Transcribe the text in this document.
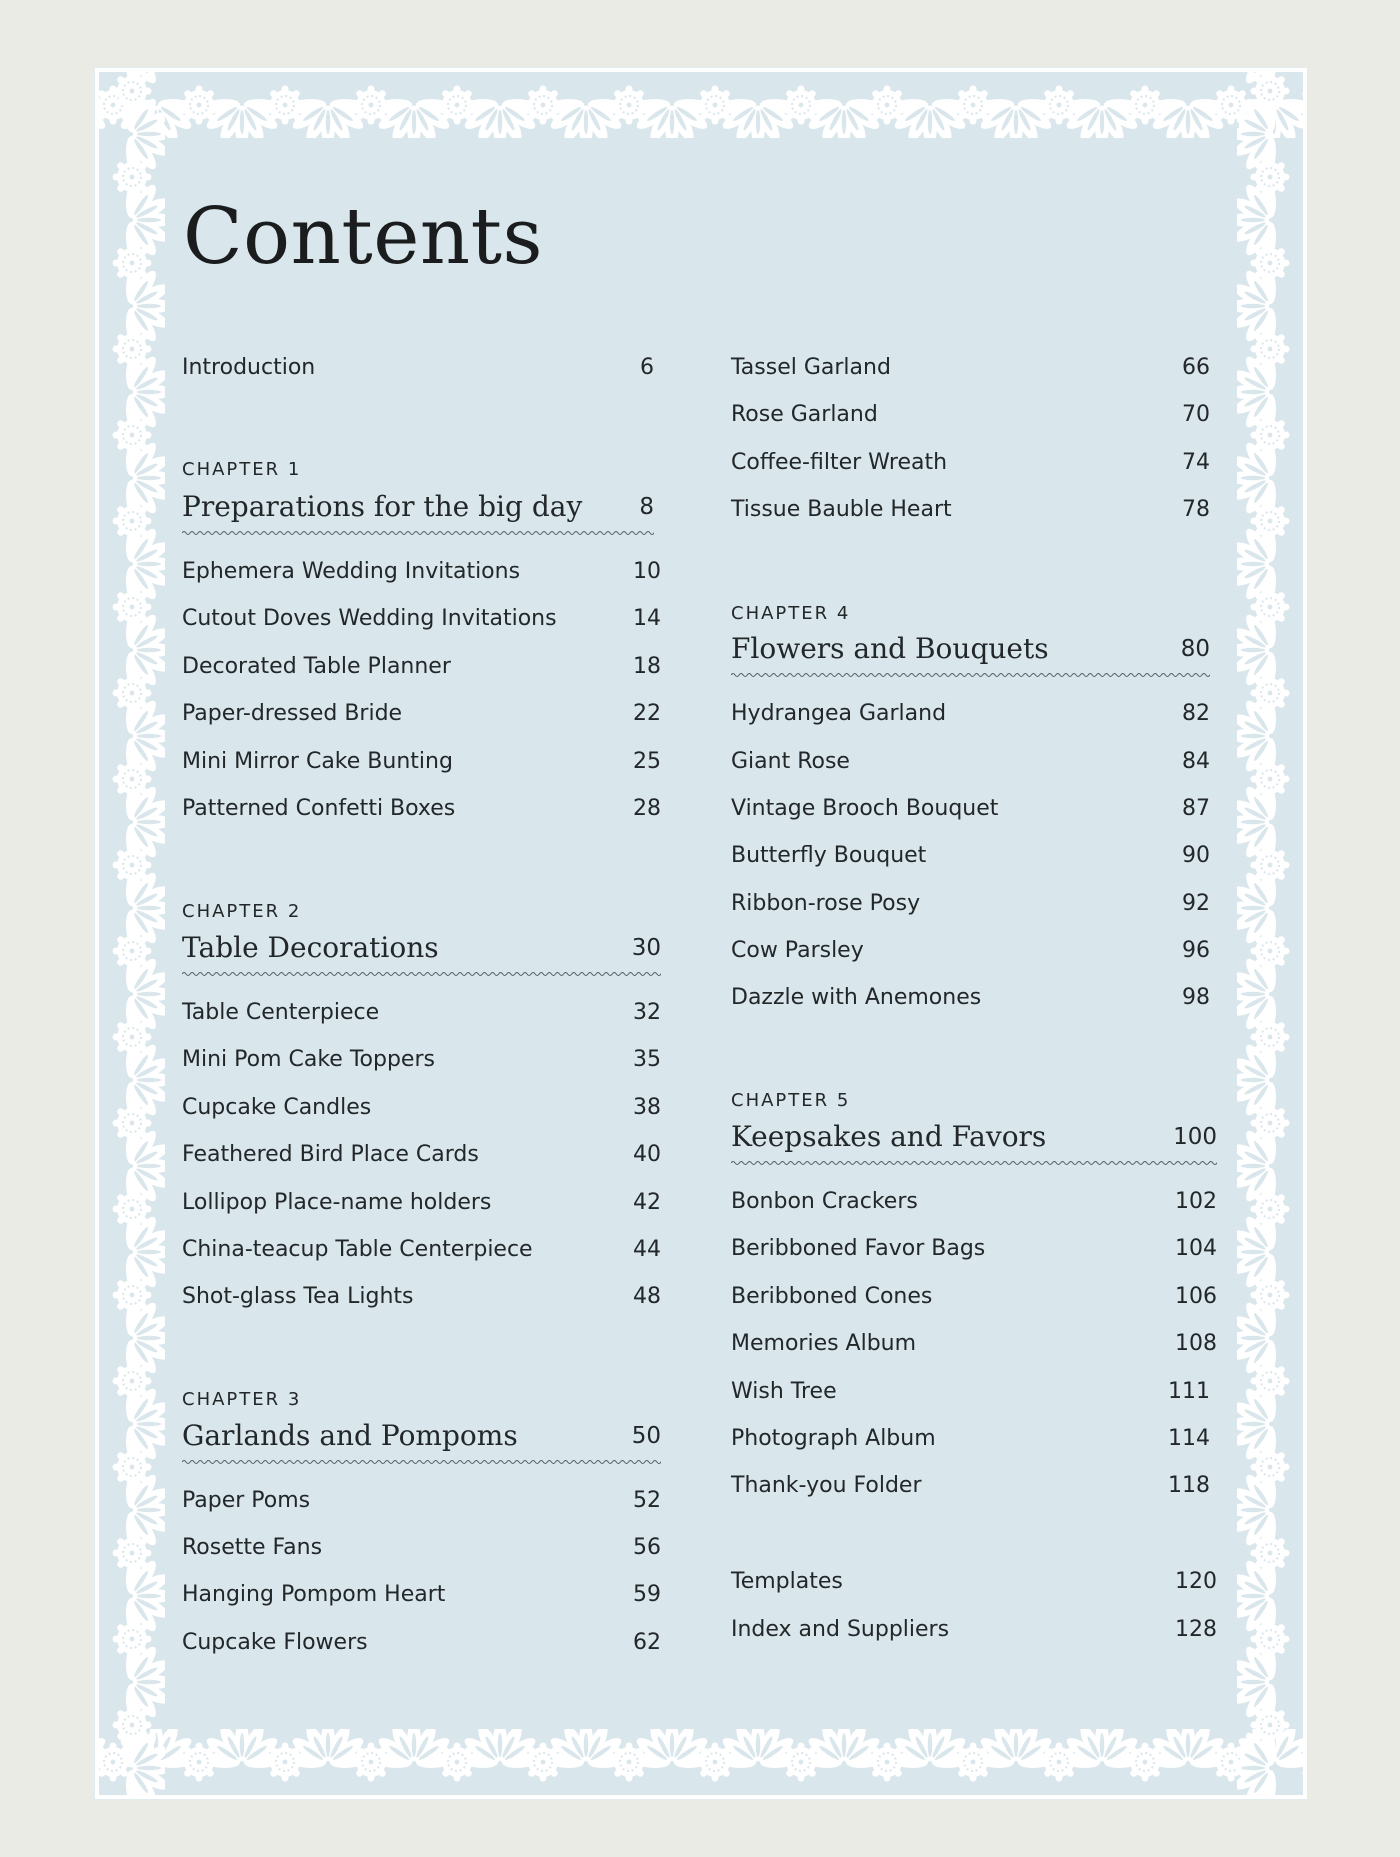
Contents
Introduction	6
CHAPTER 1
Preparations for the big day 8
Ephemera Wedding Invitations	10
Cutout Doves Wedding Invitations	14
Decorated Table Planner	18
Paper-dressed Bride	22
Mini Mirror Cake Bunting	25
Patterned Confetti Boxes	28
CHAPTER 2
Table Decorations	30
Table Centerpiece	32
Mini Pom Cake Toppers	35
Cupcake Candles	38
Feathered Bird Place Cards	40
Lollipop Place-name holders	42
China-teacup Table Centerpiece	44
Shot-glass Tea Lights	48
CHAPTER 3
Garlands and Pompoms	50
Paper Poms	52
Rosette Fans	56
Hanging Pompom Heart	59
Cupcake Flowers	62
Tassel Garland	66
Rose Garland	70
Coffee-filter Wreath	74
Tissue Bauble Heart	78
CHAPTER 4
Flowers and Bouquets	80
Hydrangea Garland	82
Giant Rose	84
Vintage Brooch Bouquet	87
Butterfly Bouquet	90
Ribbon-rose Posy	92
Cow Parsley	96
Dazzle with Anemones	98
CHAPTER 5
Keepsakes and Favors	100
Bonbon Crackers	102
Beribboned Favor Bags	104
Beribboned Cones	106
Memories Album	108
Wish Tree	111
Photograph Album	114
Thank-you Folder	118
Templates	120
Index and Suppliers	128
